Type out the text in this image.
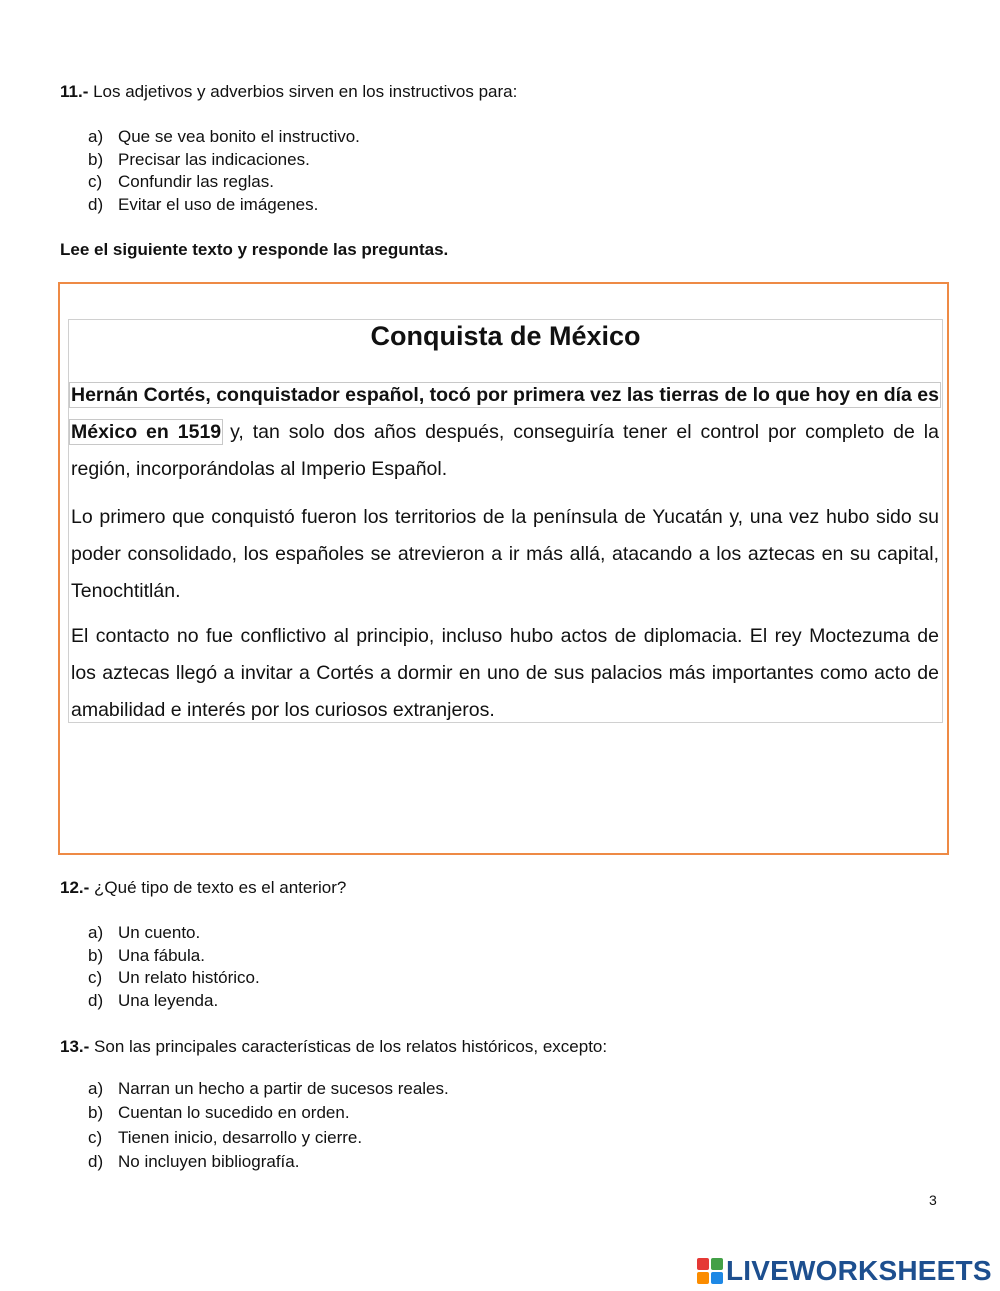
11.- Los adjetivos y adverbios sirven en los instructivos para:
a) Que se vea bonito el instructivo.
b) Precisar las indicaciones.
c) Confundir las reglas.
d) Evitar el uso de imágenes.
Lee el siguiente texto y responde las preguntas.
Conquista de México

Hernán Cortés, conquistador español, tocó por primera vez las tierras de lo que hoy en día es México en 1519 y, tan solo dos años después, conseguiría tener el control por completo de la región, incorporándolas al Imperio Español.

Lo primero que conquistó fueron los territorios de la península de Yucatán y, una vez hubo sido su poder consolidado, los españoles se atrevieron a ir más allá, atacando a los aztecas en su capital, Tenochtitlán.

El contacto no fue conflictivo al principio, incluso hubo actos de diplomacia. El rey Moctezuma de los aztecas llegó a invitar a Cortés a dormir en uno de sus palacios más importantes como acto de amabilidad e interés por los curiosos extranjeros.

12.- ¿Qué tipo de texto es el anterior?
a) Un cuento.
b) Una fábula.
c) Un relato histórico.
d) Una leyenda.
13.- Son las principales características de los relatos históricos, excepto:
a) Narran un hecho a partir de sucesos reales.
b) Cuentan lo sucedido en orden.
c) Tienen inicio, desarrollo y cierre.
d) No incluyen bibliografía.
3
LIVEWORKSHEETS
